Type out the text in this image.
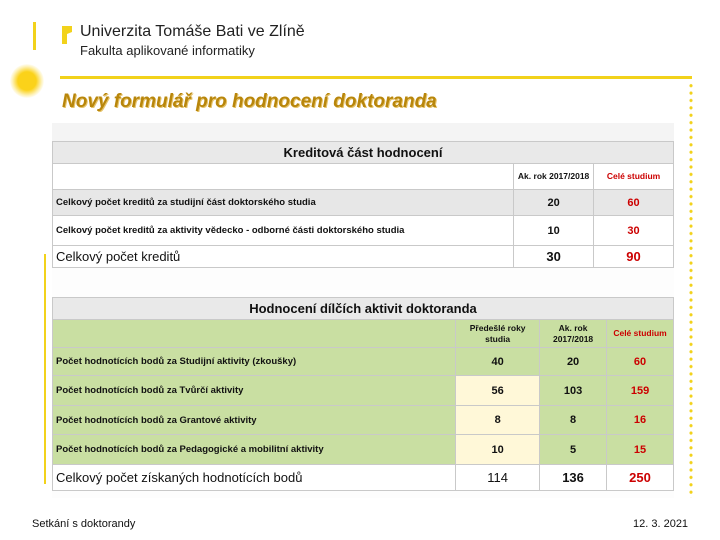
Univerzita Tomáše Bati ve Zlíně
Fakulta aplikované informatiky
Nový formulář pro hodnocení doktoranda
Kreditová část hodnocení		
	Ak. rok 2017/2018	Celé studium
Celkový počet kreditů za studijní část doktorského studia	20	60
Celkový počet kreditů za aktivity vědecko - odborné části doktorského studia	10	30
Celkový počet kreditů	30	90
Hodnocení dílčích aktivit doktoranda			
	Předešlé roky studia	Ak. rok 2017/2018	Celé studium
Počet hodnotících bodů za Studijní aktivity (zkoušky)	40	20	60
Počet hodnotících bodů za Tvůrčí aktivity	56	103	159
Počet hodnotících bodů za Grantové aktivity	8	8	16
Počet hodnotících bodů za Pedagogické a mobilitní aktivity	10	5	15
Celkový počet získaných hodnotících bodů	114	136	250
Setkání s doktorandy	12. 3. 2021
